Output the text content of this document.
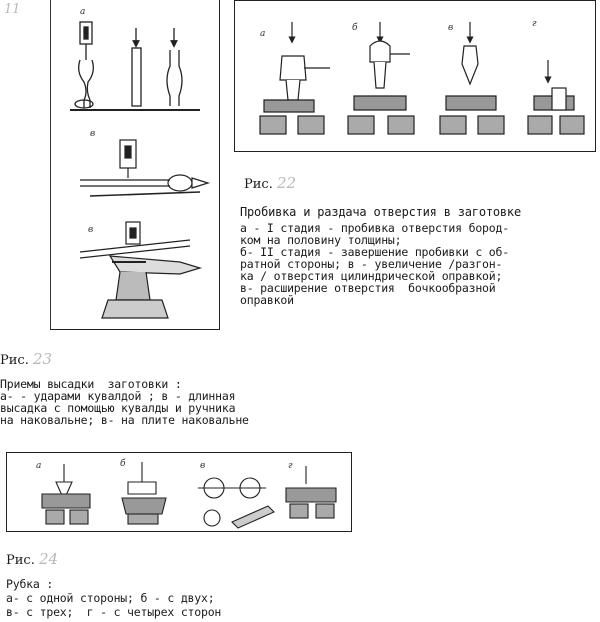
11	а
в
в
а
б	в	г
Рис. 22
Пробивка и раздача отверстия в заготовке
а - I стадия - пробивка отверстия бород-
ком на половину толщины;
б- II стадия - завершение пробивки с об-
ратной стороны; в - увеличение /разгон-
ка / отверстия цилиндрической оправкой;
в- расширение отверстия  бочкообразной
оправкой
Рис. 23
Приемы высадки  заготовки :
а- - ударами кувалдой ; в - длинная
высадка с помощью кувалды и ручника
на наковальне; в- на плите наковальне
а	б	в	г
Рис. 24
Рубка :
а- с одной стороны; б - с двух;
в- с трех;  г - с четырех сторон
